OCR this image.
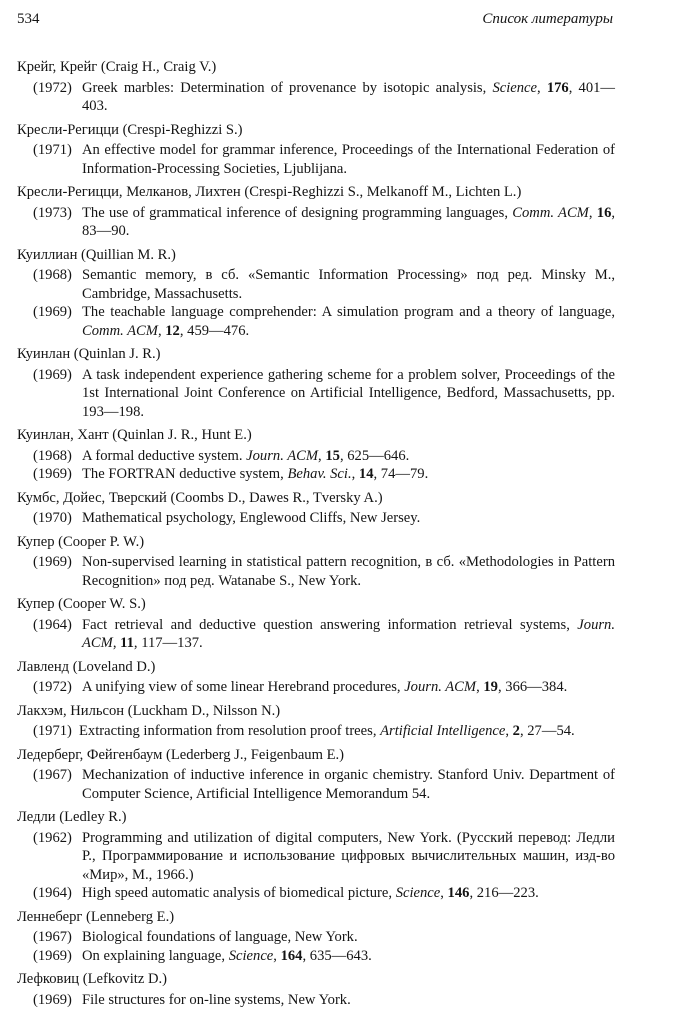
534	Список литературы
Крейг, Крейг (Craig H., Craig V.)
(1972) Greek marbles: Determination of provenance by isotopic analysis, Science, 176, 401—403.
Кресли-Регицци (Crespi-Reghizzi S.)
(1971) An effective model for grammar inference, Proceedings of the International Federation of Information-Processing Societies, Ljublijana.
Кресли-Регицци, Мелканов, Лихтен (Crespi-Reghizzi S., Melkanoff M., Lichten L.)
(1973) The use of grammatical inference of designing programming languages, Comm. ACM, 16, 83—90.
Куиллиан (Quillian M. R.)
(1968) Semantic memory, в сб. «Semantic Information Processing» под ред. Minsky M., Cambridge, Massachusetts.
(1969) The teachable language comprehender: A simulation program and a theory of language, Comm. ACM, 12, 459—476.
Куинлан (Quinlan J. R.)
(1969) A task independent experience gathering scheme for a problem solver, Proceedings of the 1st International Joint Conference on Artificial Intelligence, Bedford, Massachusetts, pp. 193—198.
Куинлан, Хант (Quinlan J. R., Hunt E.)
(1968) A formal deductive system. Journ. ACM, 15, 625—646.
(1969) The FORTRAN deductive system, Behav. Sci., 14, 74—79.
Кумбс, Дойес, Тверский (Coombs D., Dawes R., Tversky A.)
(1970) Mathematical psychology, Englewood Cliffs, New Jersey.
Купер (Cooper P. W.)
(1969) Non-supervised learning in statistical pattern recognition, в сб. «Methodologies in Pattern Recognition» под ред. Watanabe S., New York.
Купер (Cooper W. S.)
(1964) Fact retrieval and deductive question answering information retrieval systems, Journ. ACM, 11, 117—137.
Лавленд (Loveland D.)
(1972) A unifying view of some linear Herebrand procedures, Journ. ACM, 19, 366—384.
Лакхэм, Нильсон (Luckham D., Nilsson N.)
(1971) Extracting information from resolution proof trees, Artificial Intelligence, 2, 27—54.
Ледерберг, Фейгенбаум (Lederberg J., Feigenbaum E.)
(1967) Mechanization of inductive inference in organic chemistry. Stanford Univ. Department of Computer Science, Artificial Intelligence Memorandum 54.
Ледли (Ledley R.)
(1962) Programming and utilization of digital computers, New York. (Русский перевод: Ледли Р., Программирование и использование цифровых вычислительных машин, изд-во «Мир», М., 1966.)
(1964) High speed automatic analysis of biomedical picture, Science, 146, 216—223.
Леннеберг (Lenneberg E.)
(1967) Biological foundations of language, New York.
(1969) On explaining language, Science, 164, 635—643.
Лефковиц (Lefkovitz D.)
(1969) File structures for on-line systems, New York.
